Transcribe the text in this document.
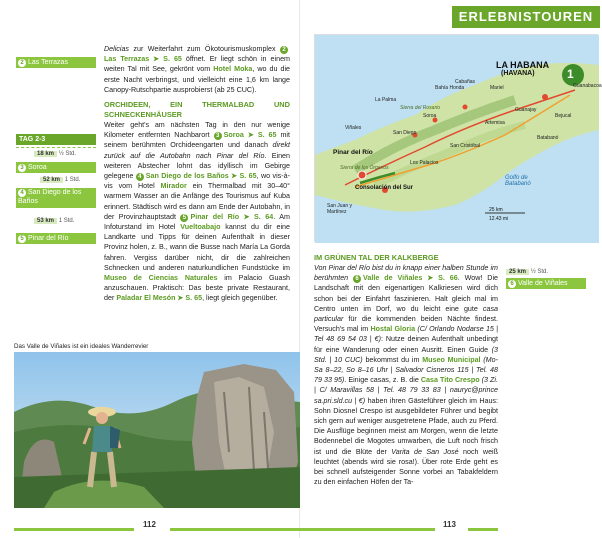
2 Las Terrazas
TAG 2-3
18 km ½ Std.
3 Soroa
52 km 1 Std.
4 San Diego de los Baños
53 km 1 Std.
5 Pinar del Río

Delicias zur Weiterfahrt zum Ökotourismuskomplex 2Las Terrazas ➤ S. 65 öffnet. Er liegt schön in einem weiten Tal mit See, gekrönt vom Hotel Moka, wo du die erste Nacht verbringst, und vielleicht eine 1,6 km lange Canopy-Rutschpartie ausprobierst (ab 25 CUC).

ORCHIDEEN, EIN THERMALBAD UND SCHNECKENHÄUSER

Weiter geht's am nächsten Tag in den nur wenige Kilometer entfernten Nachbarort 3 Soroa ➤ S. 65 mit seinem berühmten Orchideengarten und danach direkt zurück auf die Autobahn nach Pinar del Río. Einen weiteren Abstecher lohnt das idyllisch im Gebirge gelegene 4 San Diego de los Baños ➤ S. 65, wo vis-à-vis vom Hotel Mirador ein Thermalbad mit 30–40° warmem Wasser an die Anfänge des Tourismus auf Kuba erinnert. Städtisch wird es dann am Ende der Autobahn, in der Provinzhauptstadt 5 Pinar del Río ➤ S. 64. Am Infoturstand im Hotel Vueltoabajo kannst du dir eine Landkarte und Tipps für deinen Aufenthalt in dieser Provinz holen, z. B., wann die Busse nach María La Gorda fahren. Vergiss darüber nicht, dir die zahlreichen Schnecken und anderen naturkundlichen Fundstücke im Museo de Ciencias Naturales im Palacio Guash anzuschauen. Praktisch: Das beste private Restaurant, der Paladar El Mesón ➤ S. 65, liegt gleich gegenüber.

Das Valle de Viñales ist ein ideales Wanderrevier
112
ERLEBNISTOUREN
LA HABANA
(HAVANA)	1
Guanabacoa
Pinar del Río
Consolación del Sur
Viñales
Soroa
San Diego
Bahía Honda	Mariel
Artemisa
Golfo de Batabanó
La Palma
Cabañas
Guanajay
Bejucal
Batabanó
San Juan y Martínez
Los Palacios
San Cristóbal
Sierra del Rosario
Sierra de los Órganos
25 km
12.43 mi

IM GRÜNEN TAL DER KALKBERGE

Von Pinar del Río bist du in knapp einer halben Stunde im berühmten 6 Valle de Viñales ➤ S. 66. Wow! Die Landschaft mit den eigenartigen Kalkriesen wird dich schon bei der Einfahrt faszinieren. Halt gleich mal im Centro unten im Dorf, wo du leicht eine gute casa particular für die kommenden beiden Nächte findest. Versuch's mal im Hostal Gloria (C/ Orlando Nodarse 15 | Tel 48 69 54 03 | €): Nutze deinen Aufenthalt unbedingt für eine Wanderung oder einen Ausritt. Einen Guide (3 Std. | 10 CUC) bekommst du im Museo Municipal (Mo-Sa 8–22, So 8–16 Uhr | Salvador Cisneros 115 | Tel. 48 79 33 95). Einige casas, z. B. die Casa Tito Crespo (3 Zi. | C/ Maravillas 58 | Tel. 48 79 33 83 | nauryc@prince sa.pri.sld.cu | €) haben ihren Gästeführer gleich im Haus: Sohn Diosnel Crespo ist ausgebildeter Führer und begibt sich gern auf weniger ausgetretene Pfade, auch zu Pferd. Die Ausflüge beginnen meist am Morgen, wenn die letzte Bodennebel die Mogotes umwarben, die Luft noch frisch ist und die Blüte der Varita de San José noch weiß leuchtet (abends wird sie rosa!). Über rote Erde geht es bei schnell aufsteigender Sonne vorbei an Tabakfeldern zu den einfachen Höfen der Ta-

25 km ½ Std.
6 Valle de Viñales
113
